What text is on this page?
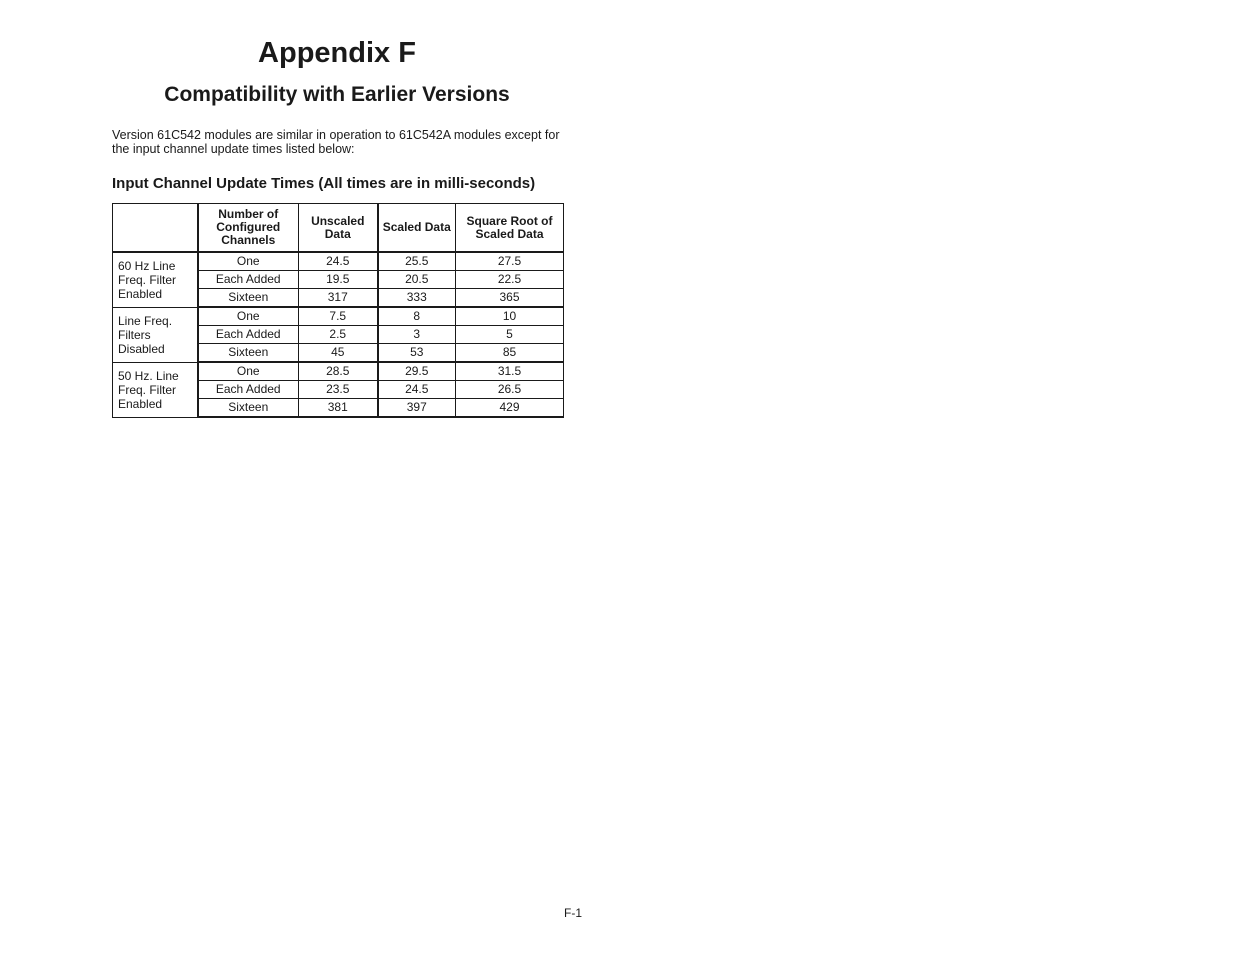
Appendix F
Compatibility with Earlier Versions

Version 61C542 modules are similar in operation to 61C542A modules except for the input channel update times listed below:

Input Channel Update Times (All times are in milli-seconds)
	Number of Configured Channels	Unscaled Data	Scaled Data	Square Root of Scaled Data
60 Hz Line Freq. Filter Enabled	One	24.5	25.5	27.5
	Each Added	19.5	20.5	22.5
	Sixteen	317	333	365
Line Freq. Filters Disabled	One	7.5	8	10
	Each Added	2.5	3	5
	Sixteen	45	53	85
50 Hz. Line Freq. Filter Enabled	One	28.5	29.5	31.5
	Each Added	23.5	24.5	26.5
	Sixteen	381	397	429
F-1
